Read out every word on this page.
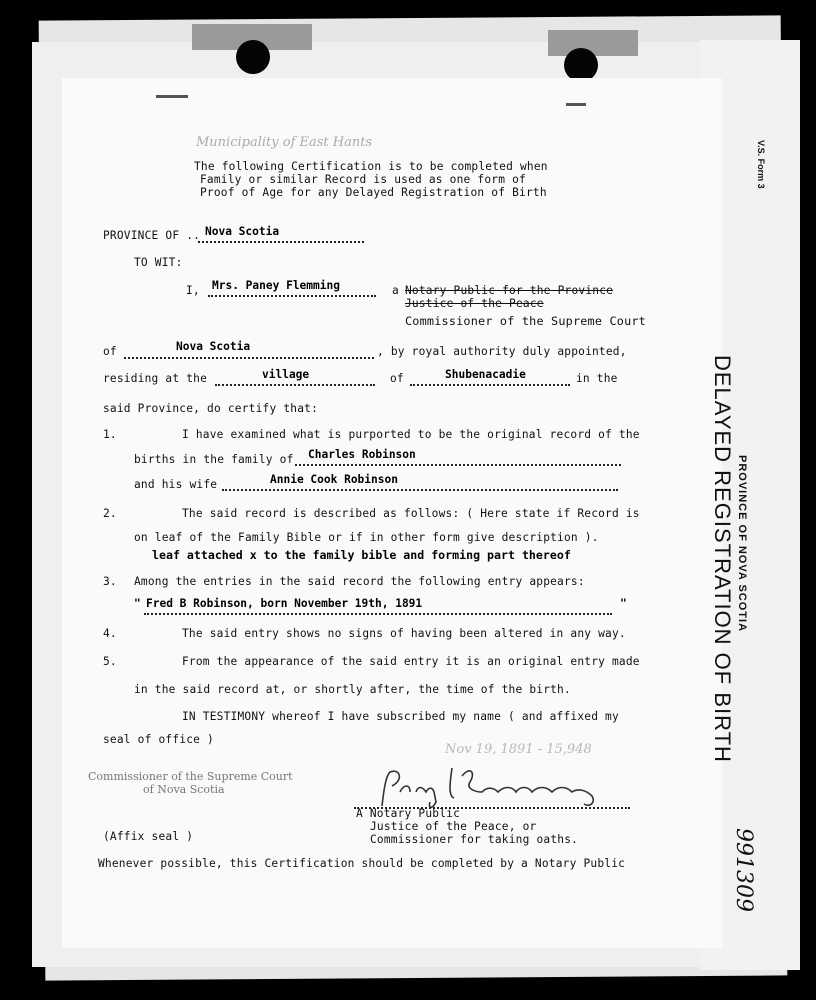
Municipality of East Hants
The following Certification is to be completed when
Family or similar Record is used as one form of
Proof of Age for any Delayed Registration of Birth
PROVINCE OF .. Nova Scotia
TO WIT:
I, Mrs. Paney Flemming	a Notary Public for the Province
Justice of the Peace
Commissioner of the Supreme Court
of	Nova Scotia	, by royal authority duly appointed,
residing at the	village	of	Shubenacadie	in the
said Province, do certify that:
1.	I have examined what is purported to be the original record of the
births in the family of Charles Robinson
and his wife	Annie Cook Robinson
2.	The said record is described as follows: ( Here state if Record is
on leaf of the Family Bible or if in other form give description ).
leaf attached x to the family bible and forming part thereof
3. Among the entries in the said record the following entry appears:
" Fred B Robinson, born November 19th, 1891	"
4.	The said entry shows no signs of having been altered in any way.
5.	From the appearance of the said entry it is an original entry made
in the said record at, or shortly after, the time of the birth.
IN TESTIMONY whereof I have subscribed my name ( and affixed my
seal of office )
Nov 19, 1891 - 15,948
Commissioner of the Supreme Court
of Nova Scotia
A Notary Public
Justice of the Peace, or
Commissioner for taking oaths.
(Affix seal )
Whenever possible, this Certification should be completed by a Notary Public
V.S. Form 3
PROVINCE OF NOVA SCOTIA
DELAYED REGISTRATION OF BIRTH
991309
